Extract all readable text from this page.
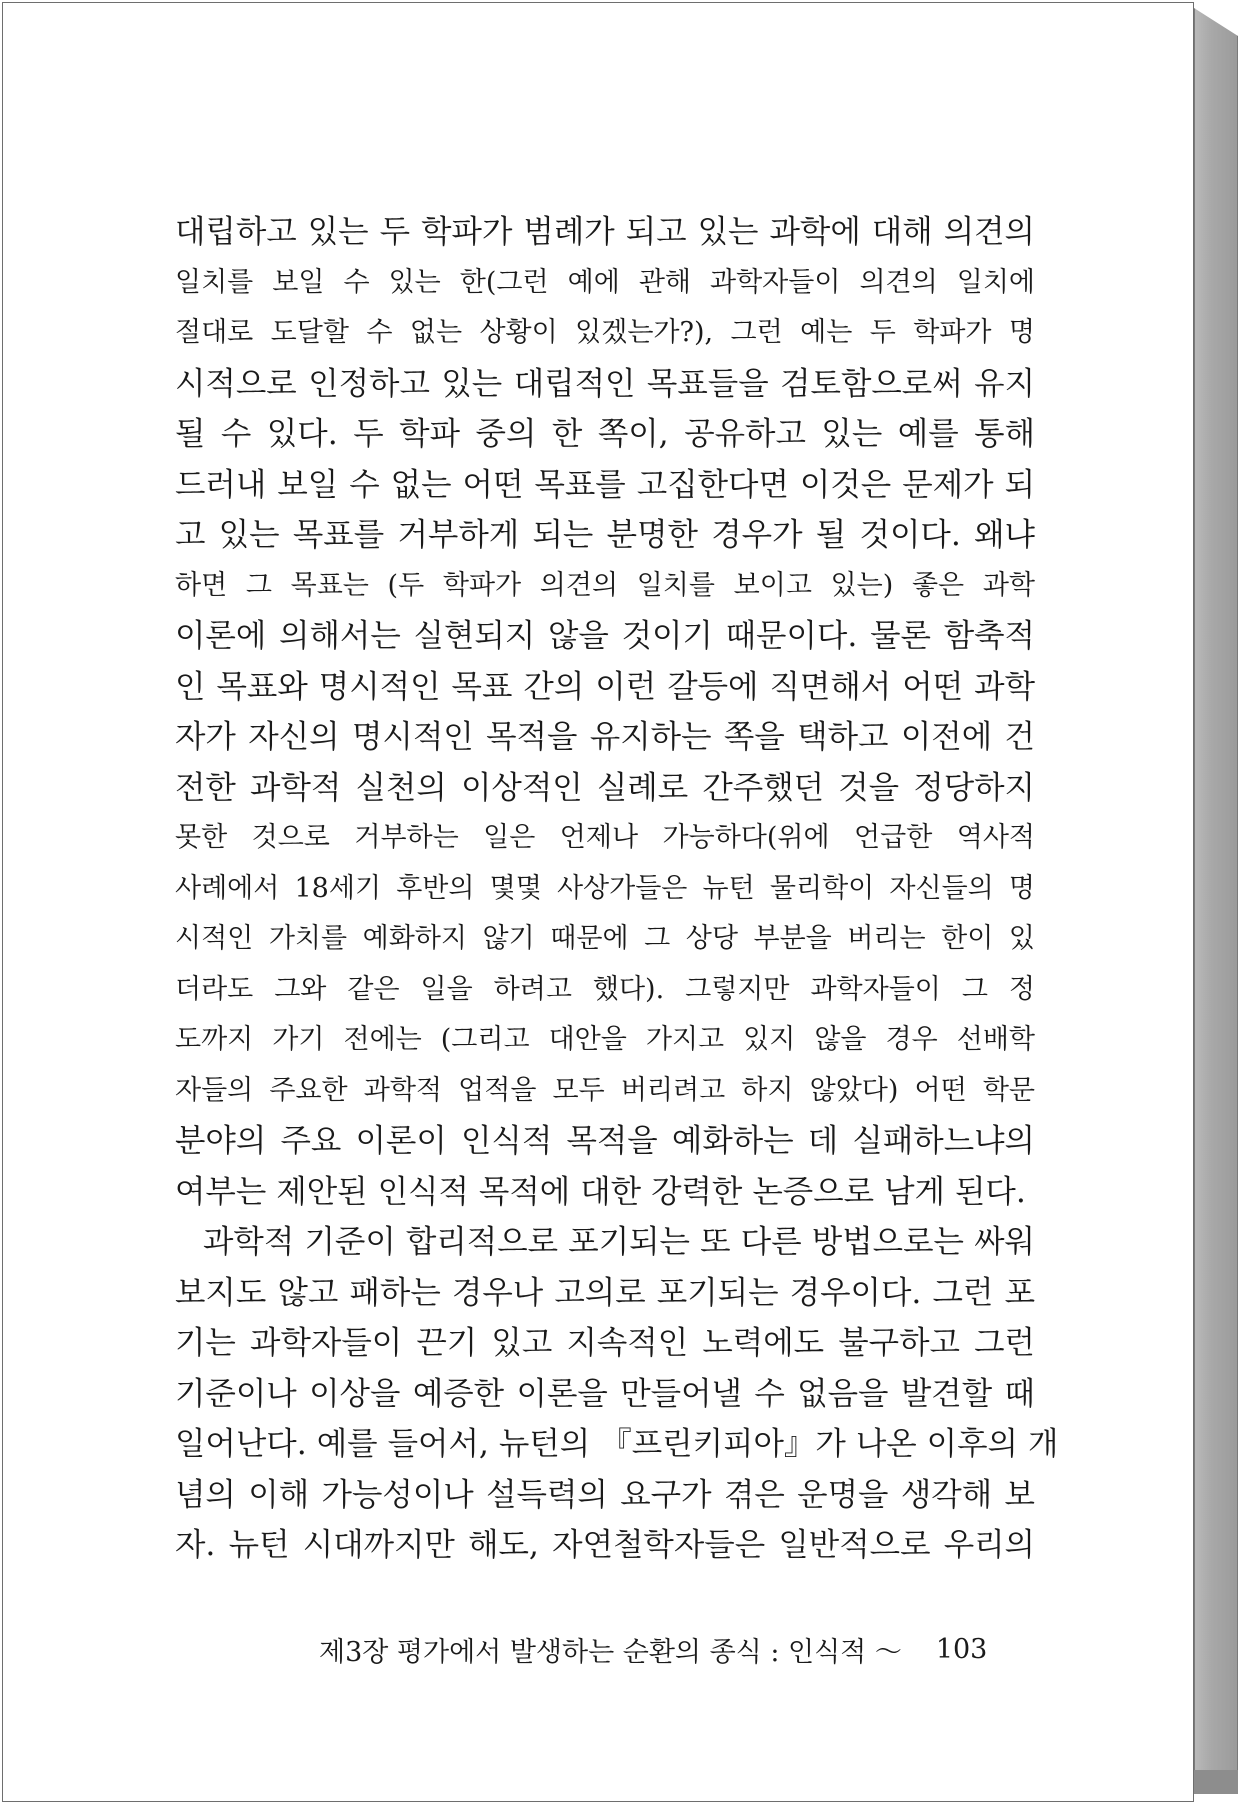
대립하고 있는 두 학파가 범례가 되고 있는 과학에 대해 의견의
일치를 보일 수 있는 한(그런 예에 관해 과학자들이 의견의 일치에
절대로 도달할 수 없는 상황이 있겠는가?), 그런 예는 두 학파가 명
시적으로 인정하고 있는 대립적인 목표들을 검토함으로써 유지
될 수 있다. 두 학파 중의 한 쪽이, 공유하고 있는 예를 통해
드러내 보일 수 없는 어떤 목표를 고집한다면 이것은 문제가 되
고 있는 목표를 거부하게 되는 분명한 경우가 될 것이다. 왜냐
하면 그 목표는 (두 학파가 의견의 일치를 보이고 있는) 좋은 과학
이론에 의해서는 실현되지 않을 것이기 때문이다. 물론 함축적
인 목표와 명시적인 목표 간의 이런 갈등에 직면해서 어떤 과학
자가 자신의 명시적인 목적을 유지하는 쪽을 택하고 이전에 건
전한 과학적 실천의 이상적인 실례로 간주했던 것을 정당하지
못한 것으로 거부하는 일은 언제나 가능하다(위에 언급한 역사적
사례에서 18세기 후반의 몇몇 사상가들은 뉴턴 물리학이 자신들의 명
시적인 가치를 예화하지 않기 때문에 그 상당 부분을 버리는 한이 있
더라도 그와 같은 일을 하려고 했다). 그렇지만 과학자들이 그 정
도까지 가기 전에는 (그리고 대안을 가지고 있지 않을 경우 선배학
자들의 주요한 과학적 업적을 모두 버리려고 하지 않았다) 어떤 학문
분야의 주요 이론이 인식적 목적을 예화하는 데 실패하느냐의
여부는 제안된 인식적 목적에 대한 강력한 논증으로 남게 된다.
과학적 기준이 합리적으로 포기되는 또 다른 방법으로는 싸워
보지도 않고 패하는 경우나 고의로 포기되는 경우이다. 그런 포
기는 과학자들이 끈기 있고 지속적인 노력에도 불구하고 그런
기준이나 이상을 예증한 이론을 만들어낼 수 없음을 발견할 때
일어난다. 예를 들어서, 뉴턴의 『프린키피아』가 나온 이후의 개
념의 이해 가능성이나 설득력의 요구가 겪은 운명을 생각해 보
자. 뉴턴 시대까지만 해도, 자연철학자들은 일반적으로 우리의
제3장 평가에서 발생하는 순환의 종식 : 인식적 ～ 103
